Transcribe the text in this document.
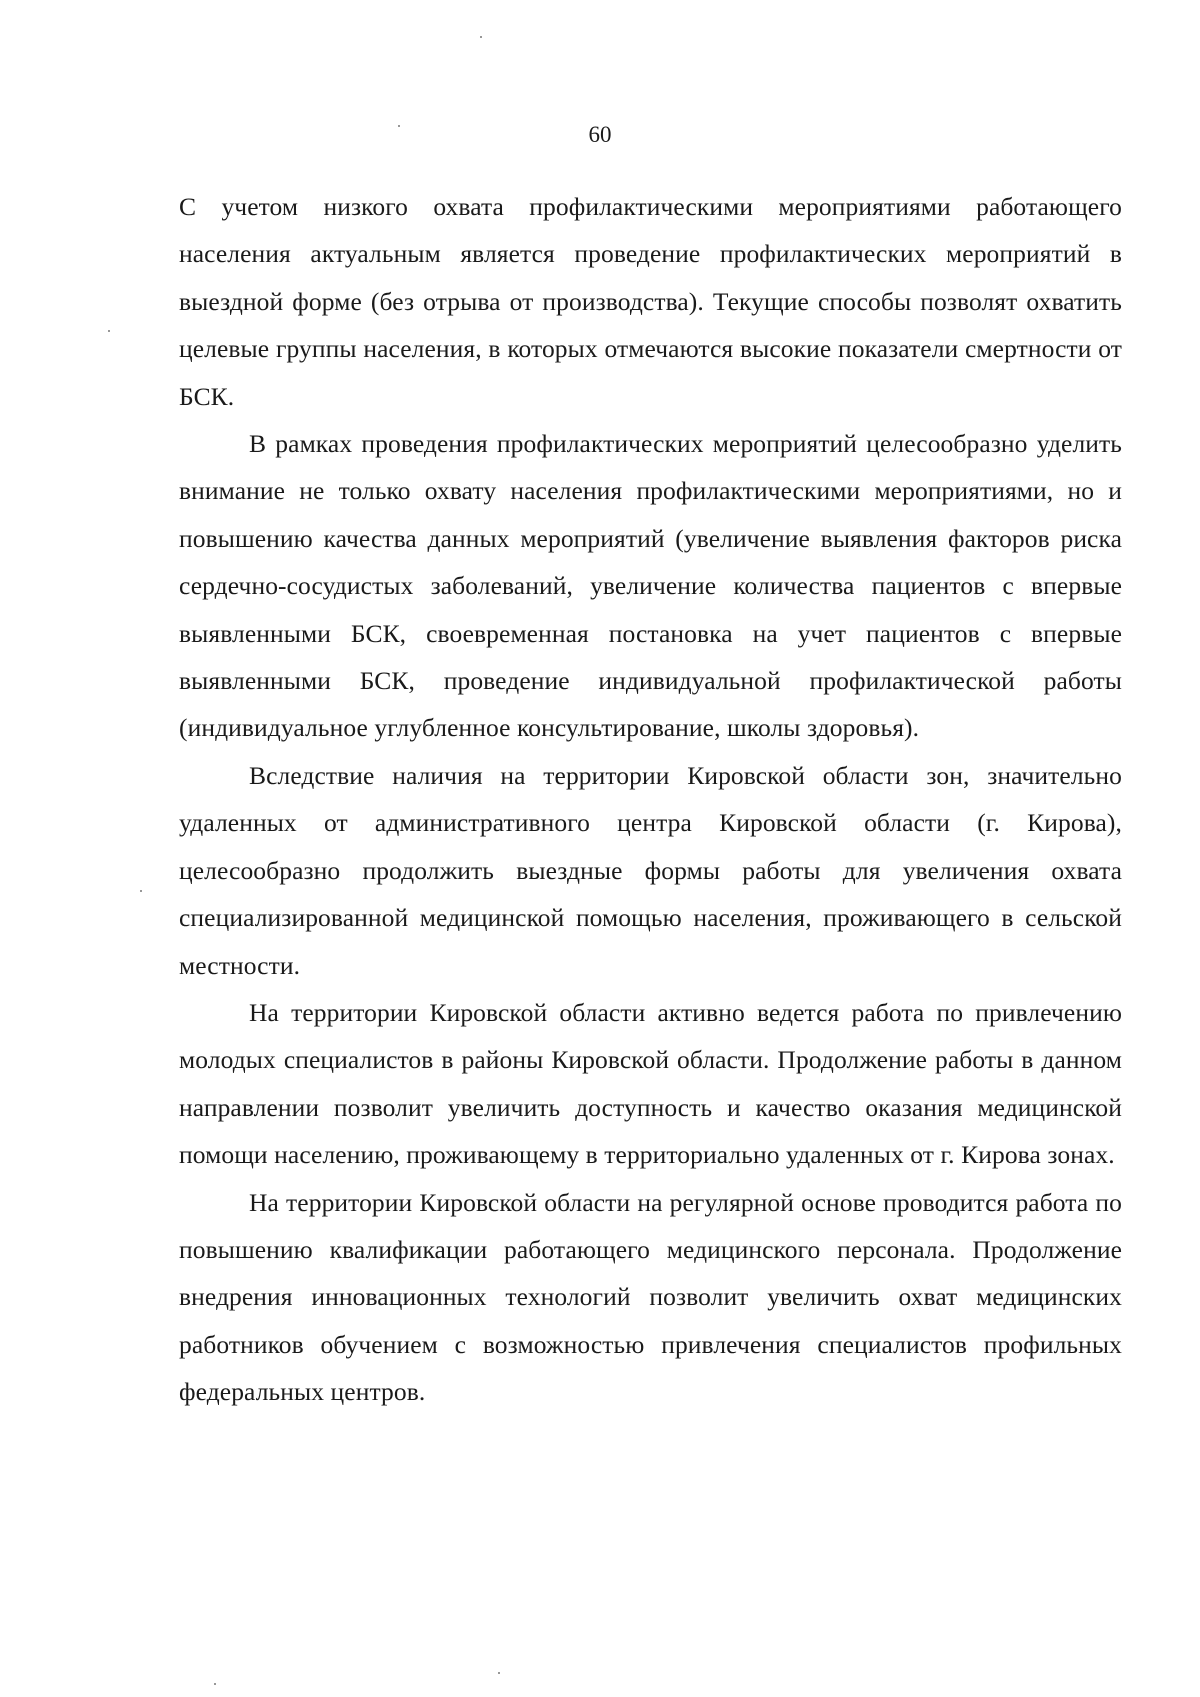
60

С учетом низкого охвата профилактическими мероприятиями работающего населения актуальным является проведение профилактических мероприятий в выездной форме (без отрыва от производства). Текущие способы позволят охватить целевые группы населения, в которых отмечаются высокие показатели смертности от БСК.

В рамках проведения профилактических мероприятий целесообразно уделить внимание не только охвату населения профилактическими мероприятиями, но и повышению качества данных мероприятий (увеличение выявления факторов риска сердечно-сосудистых заболеваний, увеличение количества пациентов с впервые выявленными БСК, своевременная постановка на учет пациентов с впервые выявленными БСК, проведение индивидуальной профилактической работы (индивидуальное углубленное консультирование, школы здоровья).

Вследствие наличия на территории Кировской области зон, значительно удаленных от административного центра Кировской области (г. Кирова), целесообразно продолжить выездные формы работы для увеличения охвата специализированной медицинской помощью населения, проживающего в сельской местности.

На территории Кировской области активно ведется работа по привлечению молодых специалистов в районы Кировской области. Продолжение работы в данном направлении позволит увеличить доступность и качество оказания медицинской помощи населению, проживающему в территориально удаленных от г. Кирова зонах.

На территории Кировской области на регулярной основе проводится работа по повышению квалификации работающего медицинского персонала. Продолжение внедрения инновационных технологий позволит увеличить охват медицинских работников обучением с возможностью привлечения специалистов профильных федеральных центров.
